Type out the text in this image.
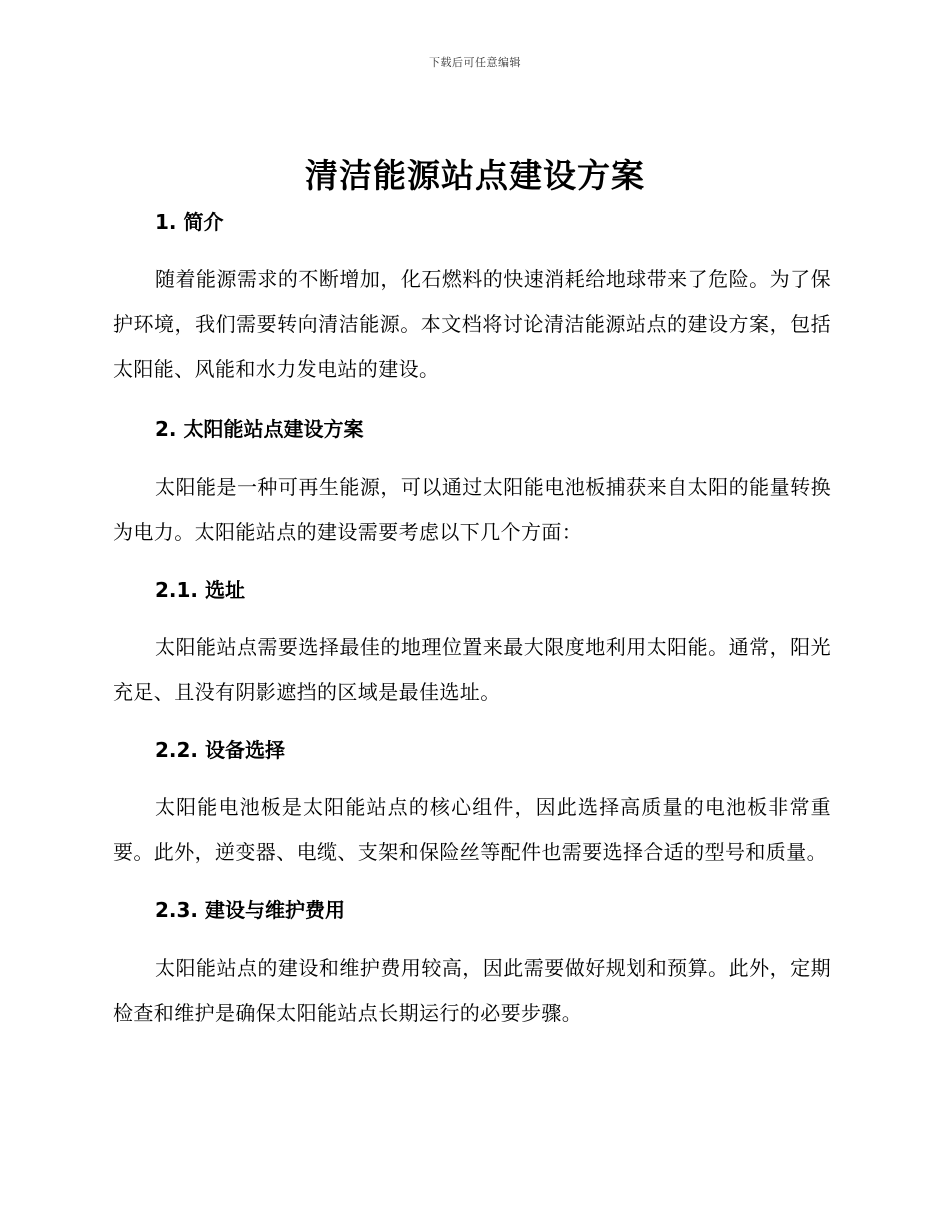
下载后可任意编辑
清洁能源站点建设方案
1. 简介

随着能源需求的不断增加，化石燃料的快速消耗给地球带来了危险。为了保护环境，我们需要转向清洁能源。本文档将讨论清洁能源站点的建设方案，包括太阳能、风能和水力发电站的建设。

2. 太阳能站点建设方案

太阳能是一种可再生能源，可以通过太阳能电池板捕获来自太阳的能量转换为电力。太阳能站点的建设需要考虑以下几个方面：

2.1. 选址

太阳能站点需要选择最佳的地理位置来最大限度地利用太阳能。通常，阳光充足、且没有阴影遮挡的区域是最佳选址。

2.2. 设备选择

太阳能电池板是太阳能站点的核心组件，因此选择高质量的电池板非常重要。此外，逆变器、电缆、支架和保险丝等配件也需要选择合适的型号和质量。

2.3. 建设与维护费用

太阳能站点的建设和维护费用较高，因此需要做好规划和预算。此外，定期检查和维护是确保太阳能站点长期运行的必要步骤。
